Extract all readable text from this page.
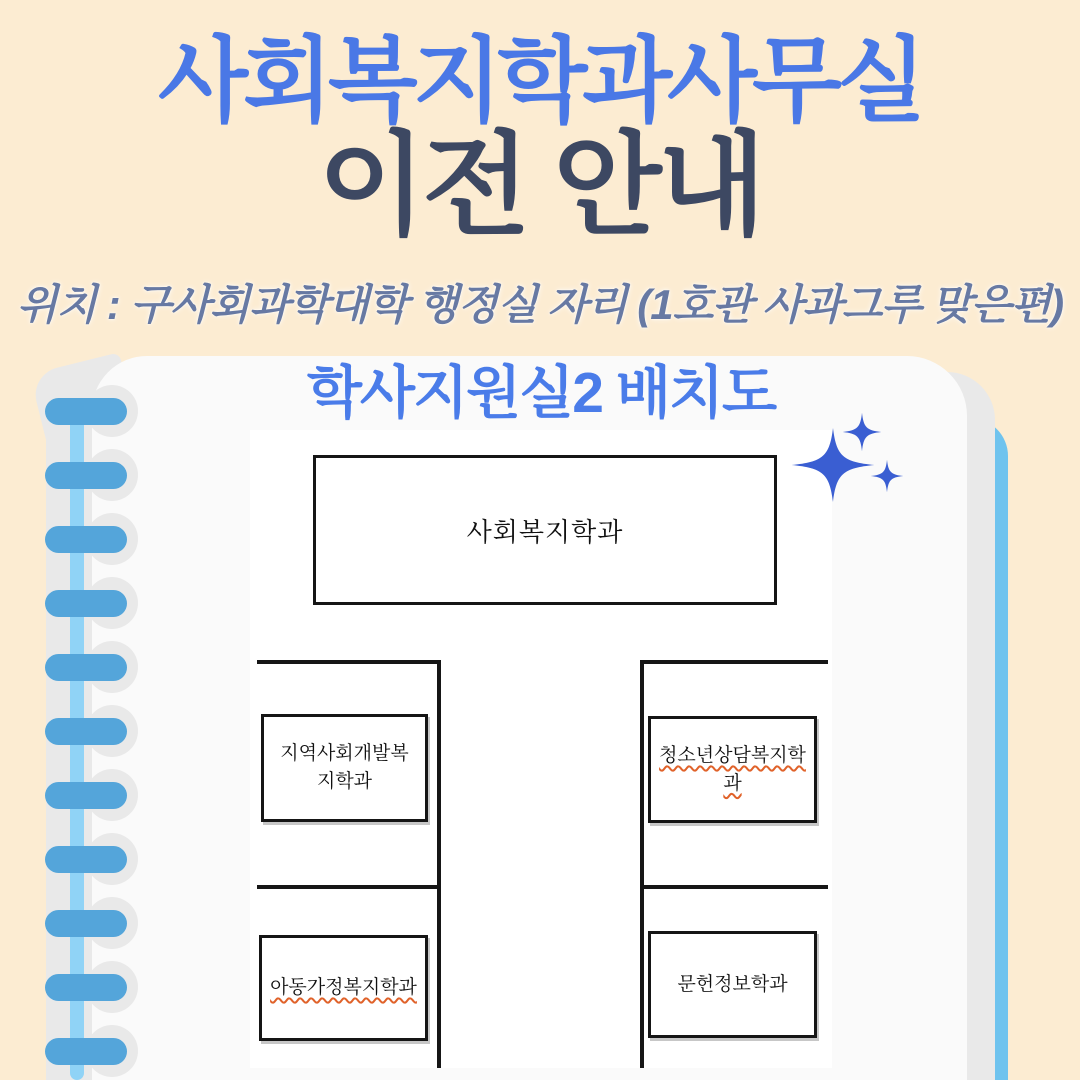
사회복지학과사무실
이전 안내

위치 : 구사회과학대학 행정실 자리 (1호관 사과그루 맞은편)

학사지원실2 배치도
사회복지학과
지역사회개발복지학과
아동가정복지학과
청소년상담복지학과
문헌정보학과
